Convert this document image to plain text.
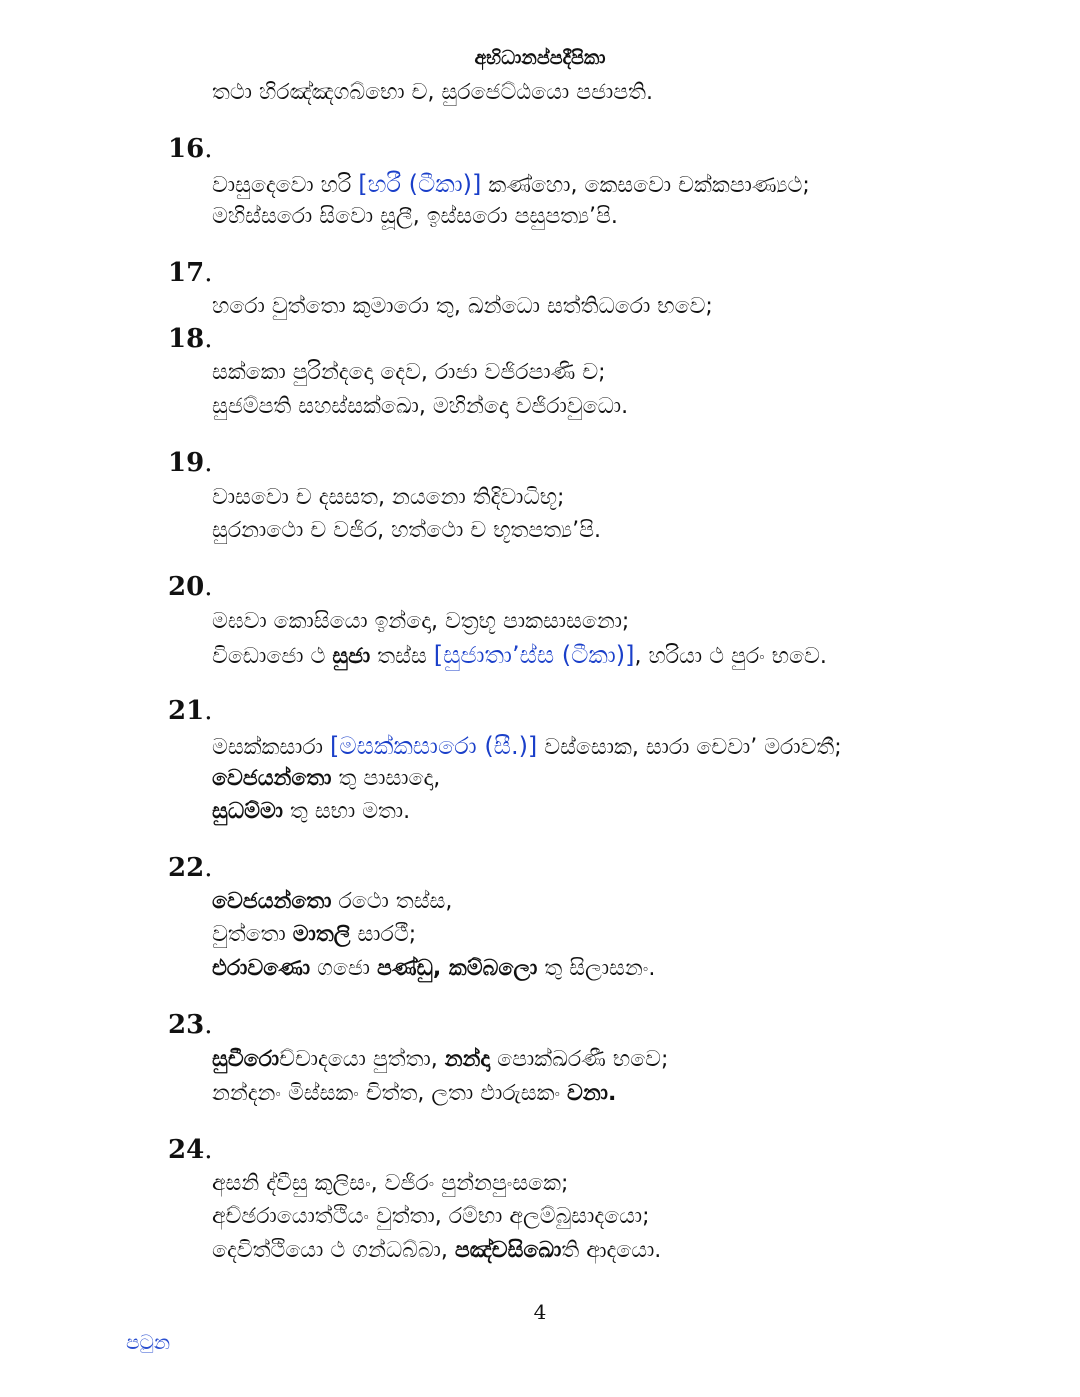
අභිධානප්පදීපිකා
තථා හිරඤ්ඤගබ්භො ච, සුරජෙට්ඨයො පජාපති.
16.
වාසුදෙවො හරි [හරී (ටීකා)] කණ්හො, කෙසවො චක්කපාණ්‍යථ;
මහිස්සරො සිවො සූලී, ඉස්සරො පසුපත්‍ය’පි.
17.
හරො වුත්තො කුමාරො තු, ඛන්ධො සත්තිධරො භවෙ;
18.
සක්කො පුරින්දදො දෙව, රාජා වජිරපාණි ච;
සුජම්පති සහස්සක්ඛො, මහින්දො වජිරාවුධො.
19.
වාසවො ච දසසත, නයනො තිදිවාධිභූ;
සුරනාථො ච වජිර, හත්ථො ච භූතපත්‍ය’පි.
20.
මඝවා කොසියො ඉන්දො, වත්‍රභූ පාකසාසනො;
විඩොජො ථ සුජා තස්ස [සුජාතා’ස්ස (ටීකා)], හරියා ථ පුරං භවෙ.
21.
මසක්කසාරා [මසක්කසාරො (සී.)] වස්සොක, සාරා චෙවා’ මරාවතී;
වෙජයන්තො තු පාසාදො,
සුධම්මා තු සභා මතා.
22.
වෙජයන්තො රථො තස්ස,
වුත්තො මාතලි සාරථී;
එරාවණො ගජො පණ්ඩු, කම්බලො තු සිලාසනං.
23.
සුචීරොච්චාදයො පුත්තා, නන්දා පොක්ඛරණී භවෙ;
නන්දනං මිස්සකං චිත්ත, ලතා ඵාරුසකං වනා.
24.
අසනි ද්වීසු කුලිසං, වජිරං පුන්නපුංසකෙ;
අච්ඡරායොත්ථියං වුත්තා, රම්භා අලම්බුසාදයො;
දෙවිත්ථියො ථ ගන්ධබ්බා, පඤ්චසිඛොති ආදයො.
4
පටුන
